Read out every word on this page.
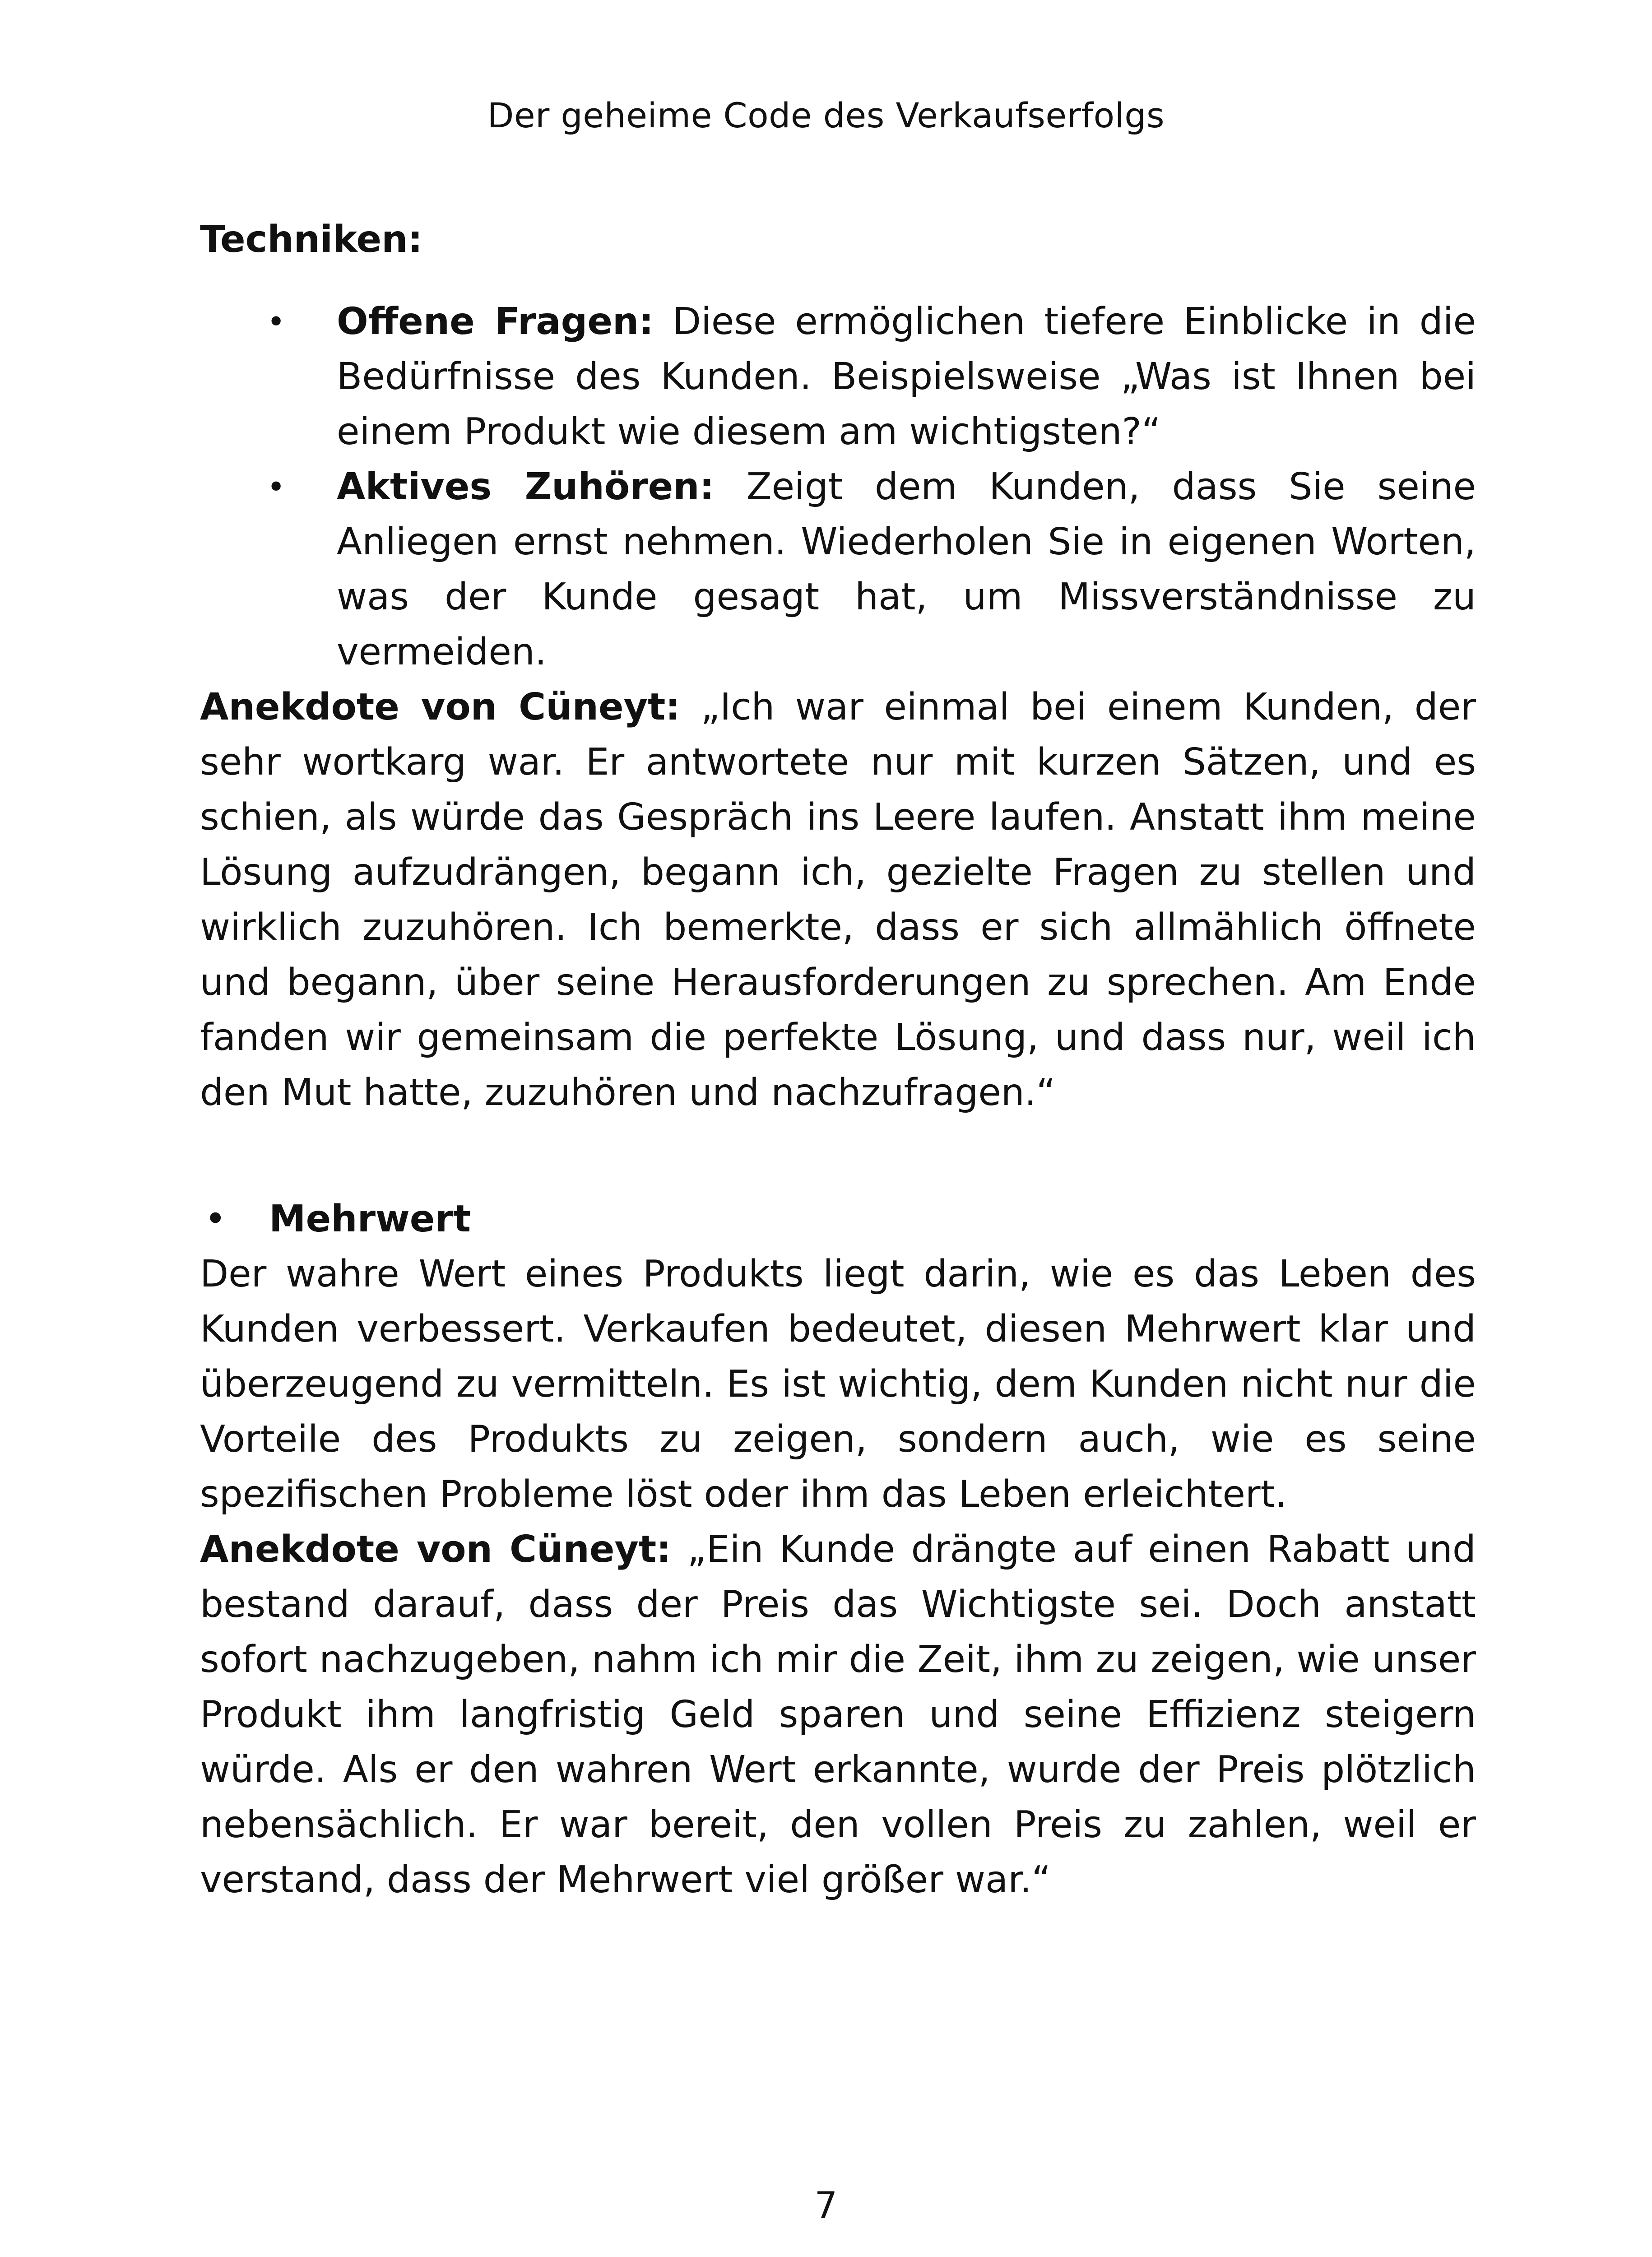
Der geheime Code des Verkaufserfolgs
Techniken:
• Offene Fragen: Diese ermöglichen tiefere Einblicke in die Bedürfnisse des Kunden. Beispielsweise „Was ist Ihnen bei einem Produkt wie diesem am wichtigsten?“
• Aktives Zuhören: Zeigt dem Kunden, dass Sie seine Anliegen ernst nehmen. Wiederholen Sie in eigenen Worten, was der Kunde gesagt hat, um Missverständnisse zu vermeiden.

Anekdote von Cüneyt: „Ich war einmal bei einem Kunden, der sehr wortkarg war. Er antwortete nur mit kurzen Sätzen, und es schien, als würde das Gespräch ins Leere laufen. Anstatt ihm meine Lösung aufzudrängen, begann ich, gezielte Fragen zu stellen und wirklich zuzuhören. Ich bemerkte, dass er sich allmählich öffnete und begann, über seine Herausforderungen zu sprechen. Am Ende fanden wir gemeinsam die perfekte Lösung, und dass nur, weil ich den Mut hatte, zuzuhören und nachzufragen.“

• Mehrwert

Der wahre Wert eines Produkts liegt darin, wie es das Leben des Kunden verbessert. Verkaufen bedeutet, diesen Mehrwert klar und überzeugend zu vermitteln. Es ist wichtig, dem Kunden nicht nur die Vorteile des Produkts zu zeigen, sondern auch, wie es seine spezifischen Probleme löst oder ihm das Leben erleichtert.

Anekdote von Cüneyt: „Ein Kunde drängte auf einen Rabatt und bestand darauf, dass der Preis das Wichtigste sei. Doch anstatt sofort nachzugeben, nahm ich mir die Zeit, ihm zu zeigen, wie unser Produkt ihm langfristig Geld sparen und seine Effizienz steigern würde. Als er den wahren Wert erkannte, wurde der Preis plötzlich nebensächlich. Er war bereit, den vollen Preis zu zahlen, weil er verstand, dass der Mehrwert viel größer war.“

7
